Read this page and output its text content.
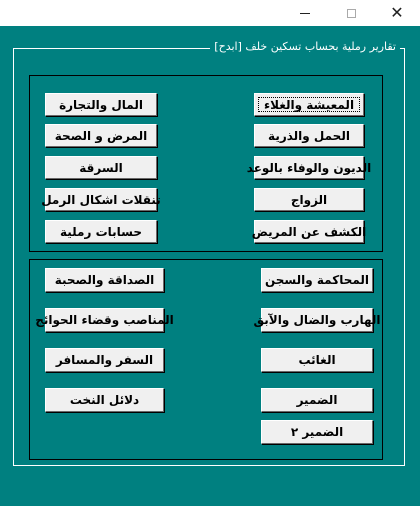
✕
تقارير رملية بحساب تسكين خلف [ابدح]
المعيشة والغلاء
المال والتجارة
الحمل والذرية
المرض و الصحة
الديون والوفاء بالوعد
السرقة
الزواج
تنقلات اشكال الرمل
الكشف عن المريض
حسابات رملية
المحاكمة والسجن
الصداقة والصحبة
الهارب والضال والآبق
المناصب وقضاء الحوائج
الغائب
السفر والمسافر
الضمير
دلائل النخت
الضمير ٢
